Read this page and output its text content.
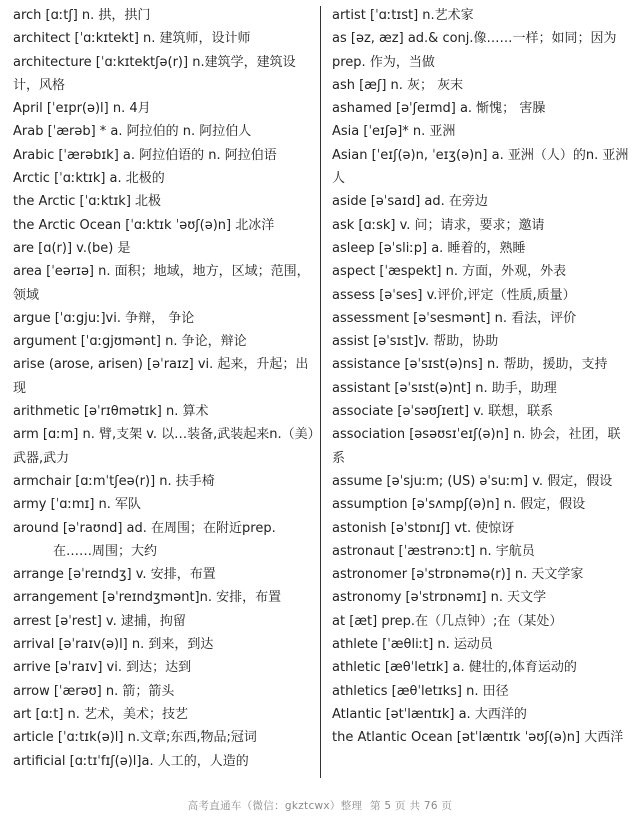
arch [ɑːtʃ] n. 拱，拱门
architect [ˈɑːkɪtekt] n. 建筑师，设计师
architecture [ˈɑːkɪtektʃə(r)] n.建筑学，建筑设计，风格
April [ˈeɪpr(ə)l] n. 4月
Arab [ˈærəb] * a. 阿拉伯的 n. 阿拉伯人
Arabic [ˈærəbɪk] a. 阿拉伯语的 n. 阿拉伯语
Arctic [ˈɑːktɪk] a. 北极的
the Arctic [ˈɑːktɪk] 北极
the Arctic Ocean [ˈɑːktɪk ˈəʊʃ(ə)n] 北冰洋
are [ɑ(r)] v.(be) 是
area [ˈeərɪə] n. 面积；地域，地方，区域；范围，领域
argue [ˈɑːgjuː]vi. 争辩， 争论
argument [ˈɑːgjʊmənt] n. 争论，辩论
arise (arose, arisen) [əˈraɪz] vi. 起来，升起；出现
arithmetic [əˈrɪθmətɪk] n. 算术
arm [ɑːm] n. 臂,支架 v. 以…装备,武装起来n.（美）武器,武力
armchair [ɑːmˈtʃeə(r)] n. 扶手椅
army [ˈɑːmɪ] n. 军队
around [əˈraʊnd] ad. 在周围；在附近prep.
在……周围；大约
arrange [əˈreɪndʒ] v. 安排，布置
arrangement [əˈreɪndʒmənt]n. 安排，布置
arrest [əˈrest] v. 逮捕，拘留
arrival [əˈraɪv(ə)l] n. 到来，到达
arrive [əˈraɪv] vi. 到达；达到
arrow [ˈærəʊ] n. 箭；箭头
art [ɑːt] n. 艺术，美术；技艺
article [ˈɑːtɪk(ə)l] n.文章;东西,物品;冠词
artificial [ɑːtɪˈfɪʃ(ə)l]a. 人工的，人造的
artist [ˈɑːtɪst] n.艺术家
as [əz, æz] ad.& conj.像……一样；如同；因为
prep. 作为，当做
ash [æʃ] n. 灰； 灰末
ashamed [əˈʃeɪmd] a. 惭愧； 害臊
Asia [ˈeɪʃə]* n. 亚洲
Asian [ˈeɪʃ(ə)n, ˈeɪʒ(ə)n] a. 亚洲（人）的n. 亚洲人
aside [əˈsaɪd] ad. 在旁边
ask [ɑːsk] v. 问；请求，要求；邀请
asleep [əˈsliːp] a. 睡着的，熟睡
aspect [ˈæspekt] n. 方面，外观，外表
assess [əˈses] v.评价,评定（性质,质量）
assessment [əˈsesmənt] n. 看法，评价
assist [əˈsɪst]v. 帮助，协助
assistance [əˈsɪst(ə)ns] n. 帮助，援助，支持
assistant [əˈsɪst(ə)nt] n. 助手，助理
associate [əˈsəʊʃɪeɪt] v. 联想，联系
association [əsəʊsɪˈeɪʃ(ə)n] n. 协会，社团，联系
assume [əˈsjuːm; (US) əˈsuːm] v. 假定，假设
assumption [əˈsʌmpʃ(ə)n] n. 假定，假设
astonish [əˈstɒnɪʃ] vt. 使惊讶
astronaut [ˈæstrənɔːt] n. 宇航员
astronomer [əˈstrɒnəmə(r)] n. 天文学家
astronomy [əˈstrɒnəmɪ] n. 天文学
at [æt] prep.在（几点钟）;在（某处）
athlete [ˈæθliːt] n. 运动员
athletic [æθˈletɪk] a. 健壮的,体育运动的
athletics [æθˈletɪks] n. 田径
Atlantic [ətˈlæntɪk] a. 大西洋的
the Atlantic Ocean [ətˈlæntɪk ˈəʊʃ(ə)n] 大西洋
高考直通车（微信：gkztcwx）整理 第 5 页 共 76 页
